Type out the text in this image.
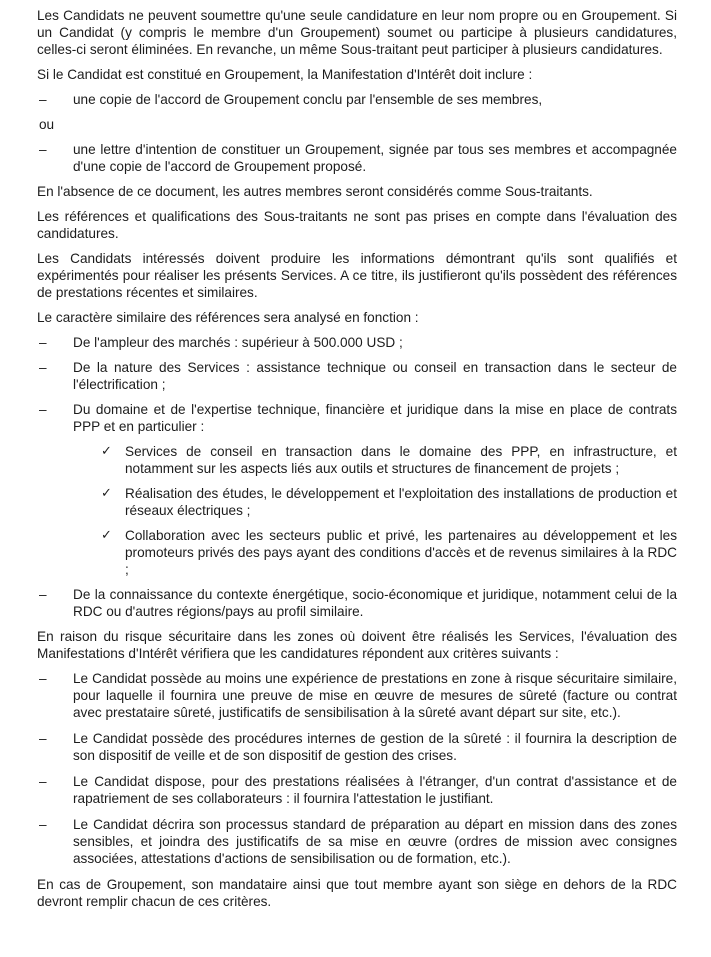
Les Candidats ne peuvent soumettre qu'une seule candidature en leur nom propre ou en Groupement. Si un Candidat (y compris le membre d'un Groupement) soumet ou participe à plusieurs candidatures, celles-ci seront éliminées. En revanche, un même Sous-traitant peut participer à plusieurs candidatures.

Si le Candidat est constitué en Groupement, la Manifestation d'Intérêt doit inclure :

– une copie de l'accord de Groupement conclu par l'ensemble de ses membres,
ou
– une lettre d'intention de constituer un Groupement, signée par tous ses membres et accompagnée d'une copie de l'accord de Groupement proposé.

En l'absence de ce document, les autres membres seront considérés comme Sous-traitants.

Les références et qualifications des Sous-traitants ne sont pas prises en compte dans l'évaluation des candidatures.

Les Candidats intéressés doivent produire les informations démontrant qu'ils sont qualifiés et expérimentés pour réaliser les présents Services. A ce titre, ils justifieront qu'ils possèdent des références de prestations récentes et similaires.

Le caractère similaire des références sera analysé en fonction :

– De l'ampleur des marchés : supérieur à 500.000 USD ;
– De la nature des Services : assistance technique ou conseil en transaction dans le secteur de l'électrification ;
– Du domaine et de l'expertise technique, financière et juridique dans la mise en place de contrats PPP et en particulier :
✓ Services de conseil en transaction dans le domaine des PPP, en infrastructure, et notamment sur les aspects liés aux outils et structures de financement de projets ;
✓ Réalisation des études, le développement et l'exploitation des installations de production et réseaux électriques ;
✓ Collaboration avec les secteurs public et privé, les partenaires au développement et les promoteurs privés des pays ayant des conditions d'accès et de revenus similaires à la RDC ;
– De la connaissance du contexte énergétique, socio-économique et juridique, notamment celui de la RDC ou d'autres régions/pays au profil similaire.

En raison du risque sécuritaire dans les zones où doivent être réalisés les Services, l'évaluation des Manifestations d'Intérêt vérifiera que les candidatures répondent aux critères suivants :

– Le Candidat possède au moins une expérience de prestations en zone à risque sécuritaire similaire, pour laquelle il fournira une preuve de mise en œuvre de mesures de sûreté (facture ou contrat avec prestataire sûreté, justificatifs de sensibilisation à la sûreté avant départ sur site, etc.).
– Le Candidat possède des procédures internes de gestion de la sûreté : il fournira la description de son dispositif de veille et de son dispositif de gestion des crises.
– Le Candidat dispose, pour des prestations réalisées à l'étranger, d'un contrat d'assistance et de rapatriement de ses collaborateurs : il fournira l'attestation le justifiant.
– Le Candidat décrira son processus standard de préparation au départ en mission dans des zones sensibles, et joindra des justificatifs de sa mise en œuvre (ordres de mission avec consignes associées, attestations d'actions de sensibilisation ou de formation, etc.).

En cas de Groupement, son mandataire ainsi que tout membre ayant son siège en dehors de la RDC devront remplir chacun de ces critères.
